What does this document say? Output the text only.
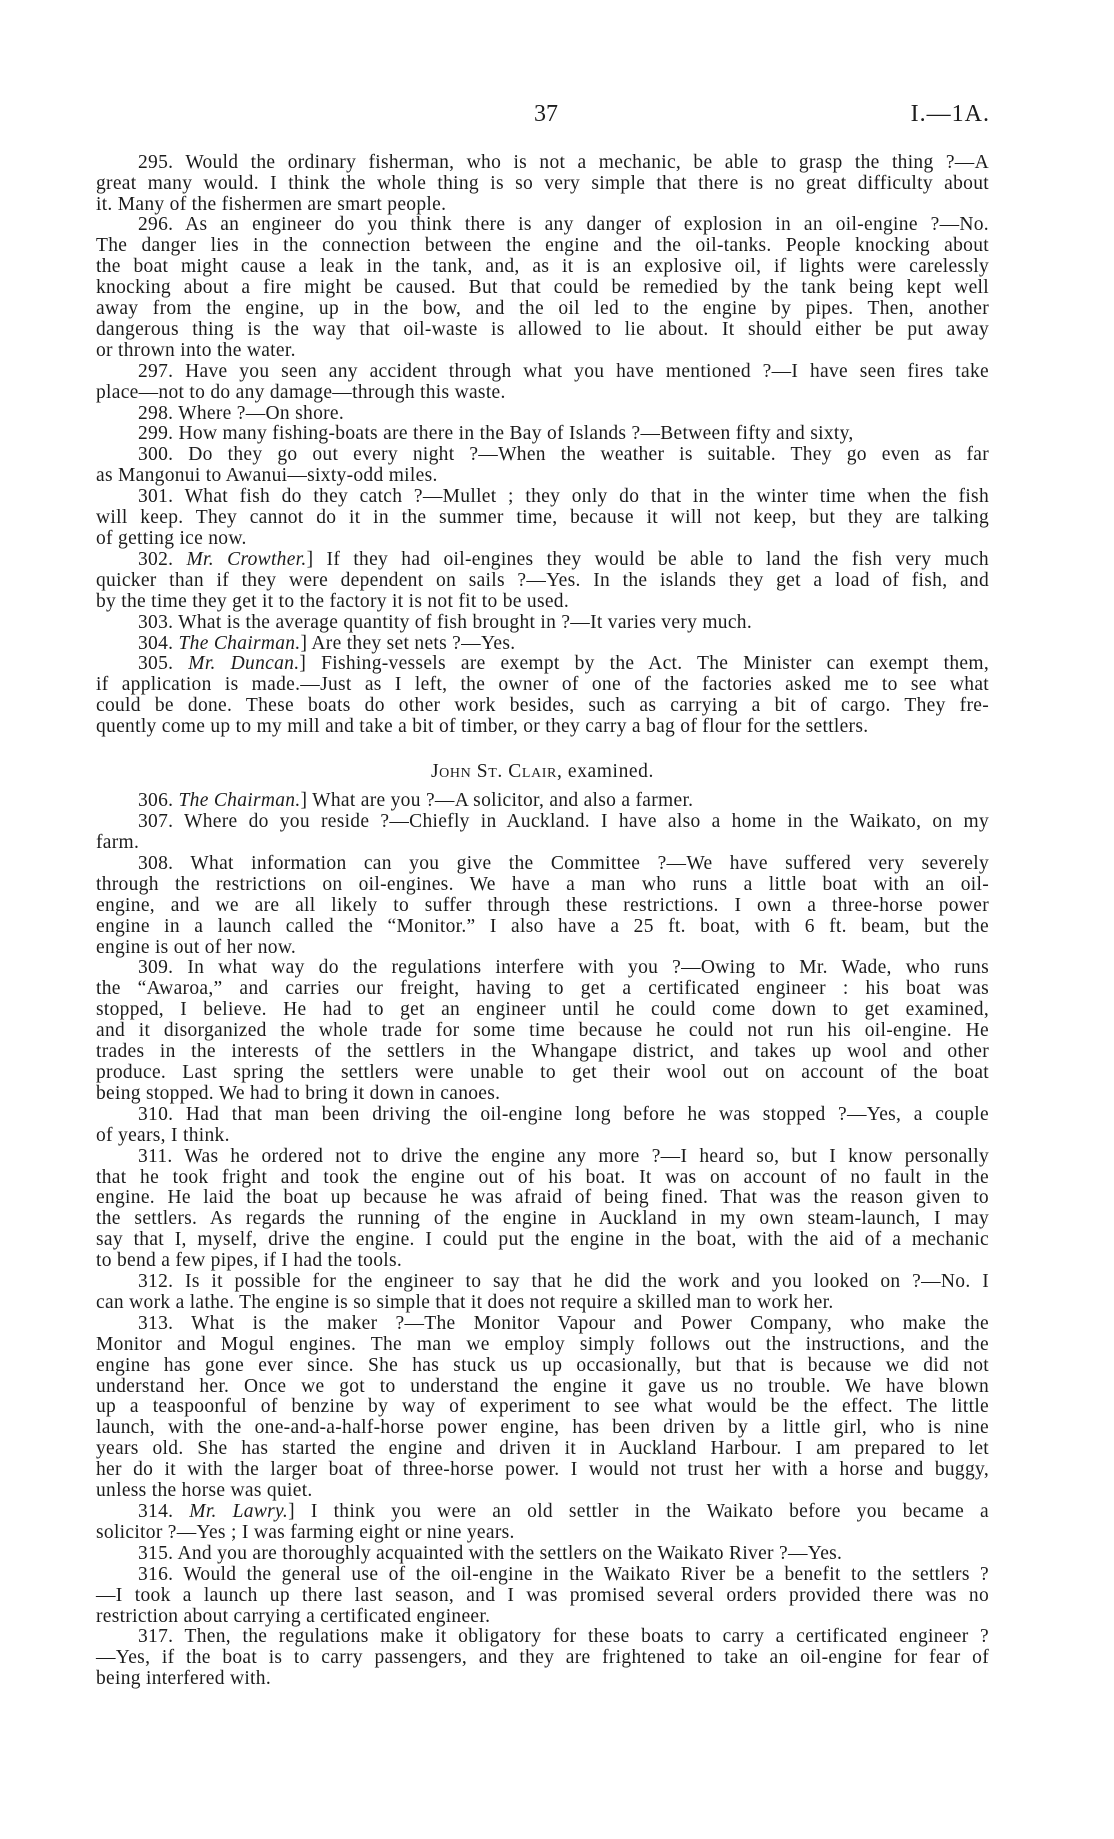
37	I.—1A.
295. Would the ordinary fisherman, who is not a mechanic, be able to grasp the thing ?—A
great many would. I think the whole thing is so very simple that there is no great difficulty about
it. Many of the fishermen are smart people.
296. As an engineer do you think there is any danger of explosion in an oil-engine ?—No.
The danger lies in the connection between the engine and the oil-tanks. People knocking about
the boat might cause a leak in the tank, and, as it is an explosive oil, if lights were carelessly
knocking about a fire might be caused. But that could be remedied by the tank being kept well
away from the engine, up in the bow, and the oil led to the engine by pipes. Then, another
dangerous thing is the way that oil-waste is allowed to lie about. It should either be put away
or thrown into the water.
297. Have you seen any accident through what you have mentioned ?—I have seen fires take
place—not to do any damage—through this waste.
298. Where ?—On shore.
299. How many fishing-boats are there in the Bay of Islands ?—Between fifty and sixty,
300. Do they go out every night ?—When the weather is suitable. They go even as far
as Mangonui to Awanui—sixty-odd miles.
301. What fish do they catch ?—Mullet ; they only do that in the winter time when the fish
will keep. They cannot do it in the summer time, because it will not keep, but they are talking
of getting ice now.
302. Mr. Crowther.] If they had oil-engines they would be able to land the fish very much
quicker than if they were dependent on sails ?—Yes. In the islands they get a load of fish, and
by the time they get it to the factory it is not fit to be used.
303. What is the average quantity of fish brought in ?—It varies very much.
304. The Chairman.] Are they set nets ?—Yes.
305. Mr. Duncan.] Fishing-vessels are exempt by the Act. The Minister can exempt them,
if application is made.—Just as I left, the owner of one of the factories asked me to see what
could be done. These boats do other work besides, such as carrying a bit of cargo. They fre-
quently come up to my mill and take a bit of timber, or they carry a bag of flour for the settlers.
John St. Clair, examined.
306. The Chairman.] What are you ?—A solicitor, and also a farmer.
307. Where do you reside ?—Chiefly in Auckland. I have also a home in the Waikato, on my
farm.
308. What information can you give the Committee ?—We have suffered very severely
through the restrictions on oil-engines. We have a man who runs a little boat with an oil-
engine, and we are all likely to suffer through these restrictions. I own a three-horse power
engine in a launch called the “Monitor.” I also have a 25 ft. boat, with 6 ft. beam, but the
engine is out of her now.
309. In what way do the regulations interfere with you ?—Owing to Mr. Wade, who runs
the “Awaroa,” and carries our freight, having to get a certificated engineer : his boat was
stopped, I believe. He had to get an engineer until he could come down to get examined,
and it disorganized the whole trade for some time because he could not run his oil-engine. He
trades in the interests of the settlers in the Whangape district, and takes up wool and other
produce. Last spring the settlers were unable to get their wool out on account of the boat
being stopped. We had to bring it down in canoes.
310. Had that man been driving the oil-engine long before he was stopped ?—Yes, a couple
of years, I think.
311. Was he ordered not to drive the engine any more ?—I heard so, but I know personally
that he took fright and took the engine out of his boat. It was on account of no fault in the
engine. He laid the boat up because he was afraid of being fined. That was the reason given to
the settlers. As regards the running of the engine in Auckland in my own steam-launch, I may
say that I, myself, drive the engine. I could put the engine in the boat, with the aid of a mechanic
to bend a few pipes, if I had the tools.
312. Is it possible for the engineer to say that he did the work and you looked on ?—No. I
can work a lathe. The engine is so simple that it does not require a skilled man to work her.
313. What is the maker ?—The Monitor Vapour and Power Company, who make the
Monitor and Mogul engines. The man we employ simply follows out the instructions, and the
engine has gone ever since. She has stuck us up occasionally, but that is because we did not
understand her. Once we got to understand the engine it gave us no trouble. We have blown
up a teaspoonful of benzine by way of experiment to see what would be the effect. The little
launch, with the one-and-a-half-horse power engine, has been driven by a little girl, who is nine
years old. She has started the engine and driven it in Auckland Harbour. I am prepared to let
her do it with the larger boat of three-horse power. I would not trust her with a horse and buggy,
unless the horse was quiet.
314. Mr. Lawry.] I think you were an old settler in the Waikato before you became a
solicitor ?—Yes ; I was farming eight or nine years.
315. And you are thoroughly acquainted with the settlers on the Waikato River ?—Yes.
316. Would the general use of the oil-engine in the Waikato River be a benefit to the settlers ?
—I took a launch up there last season, and I was promised several orders provided there was no
restriction about carrying a certificated engineer.
317. Then, the regulations make it obligatory for these boats to carry a certificated engineer ?
—Yes, if the boat is to carry passengers, and they are frightened to take an oil-engine for fear of
being interfered with.
